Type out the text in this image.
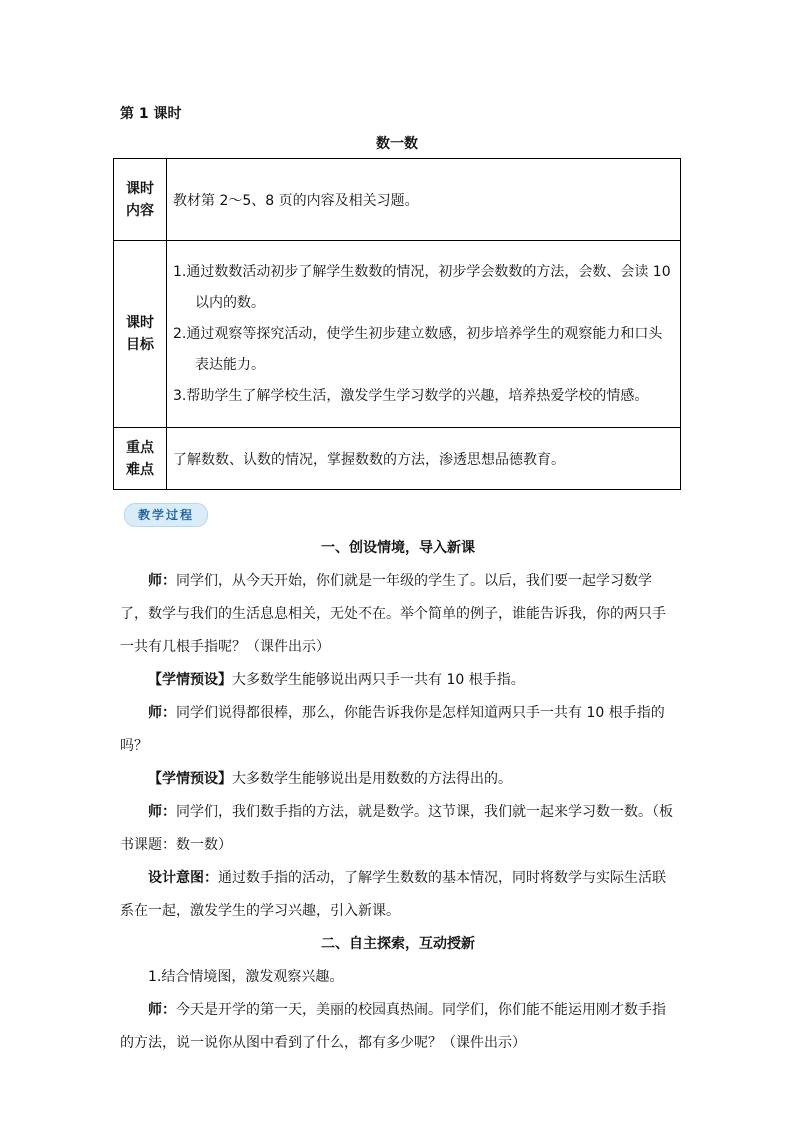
第 1 课时
数一数
课时内容	教材第 2～5、8 页的内容及相关习题。
课时目标	1.通过数数活动初步了解学生数数的情况，初步学会数数的方法，会数、会读 10 以内的数。

2.通过观察等探究活动，使学生初步建立数感，初步培养学生的观察能力和口头表达能力。

3.帮助学生了解学校生活，激发学生学习数学的兴趣，培养热爱学校的情感。

重点难点	了解数数、认数的情况，掌握数数的方法，渗透思想品德教育。
教学过程

一、创设情境，导入新课

师：同学们，从今天开始，你们就是一年级的学生了。以后，我们要一起学习数学了，数学与我们的生活息息相关，无处不在。举个简单的例子，谁能告诉我，你的两只手一共有几根手指呢？（课件出示）

【学情预设】大多数学生能够说出两只手一共有 10 根手指。

师：同学们说得都很棒，那么，你能告诉我你是怎样知道两只手一共有 10 根手指的吗？

【学情预设】大多数学生能够说出是用数数的方法得出的。

师：同学们，我们数手指的方法，就是数学。这节课，我们就一起来学习数一数。（板书课题：数一数）

设计意图：通过数手指的活动，了解学生数数的基本情况，同时将数学与实际生活联系在一起，激发学生的学习兴趣，引入新课。

二、自主探索，互动授新

1.结合情境图，激发观察兴趣。

师：今天是开学的第一天，美丽的校园真热闹。同学们，你们能不能运用刚才数手指的方法，说一说你从图中看到了什么，都有多少呢？（课件出示）
